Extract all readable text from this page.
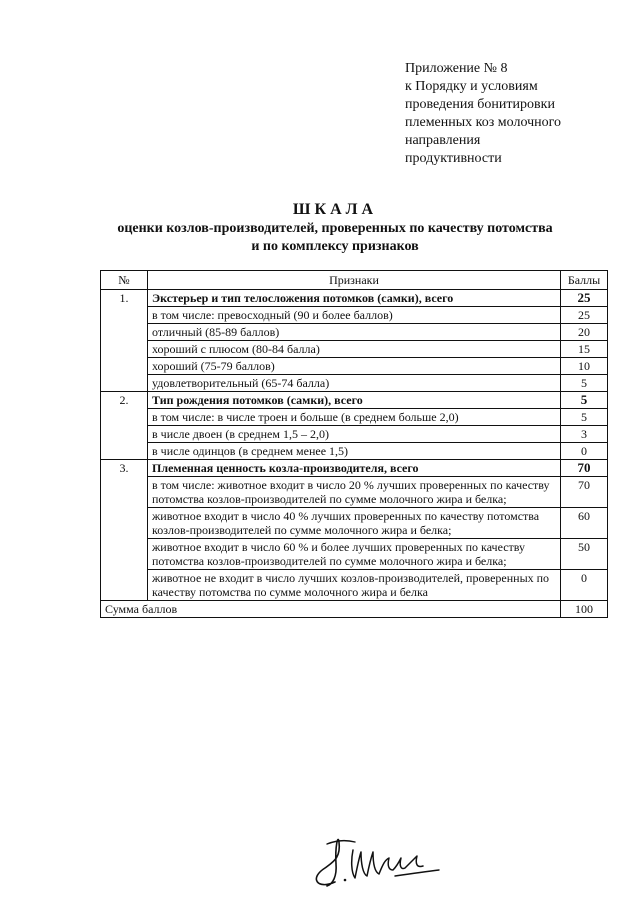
Приложение № 8
к Порядку и условиям
проведения бонитировки
племенных коз молочного
направления
продуктивности
ШКАЛА
оценки козлов-производителей, проверенных по качеству потомства
и по комплексу признаков
№	Признаки	Баллы
1.	Экстерьер и тип телосложения потомков (самки), всего	25
	в том числе: превосходный (90 и более баллов)	25
	отличный (85-89 баллов)	20
	хороший с плюсом (80-84 балла)	15
	хороший (75-79 баллов)	10
	удовлетворительный (65-74 балла)	5
2.	Тип рождения потомков (самки), всего	5
	в том числе: в числе троен и больше (в среднем больше 2,0)	5
	в числе двоен (в среднем 1,5 – 2,0)	3
	в числе одинцов (в среднем менее 1,5)	0
3.	Племенная ценность козла-производителя, всего	70
	в том числе: животное входит в число 20 % лучших проверенных по качеству потомства козлов-производителей по сумме молочного жира и белка;	70
	животное входит в число 40 % лучших проверенных по качеству потомства козлов-производителей по сумме молочного жира и белка;	60
	животное входит в число 60 % и более лучших проверенных по качеству потомства козлов-производителей по сумме молочного жира и белка;	50
	животное не входит в число лучших козлов-производителей, проверенных по качеству потомства по сумме молочного жира и белка	0
Сумма баллов		100
